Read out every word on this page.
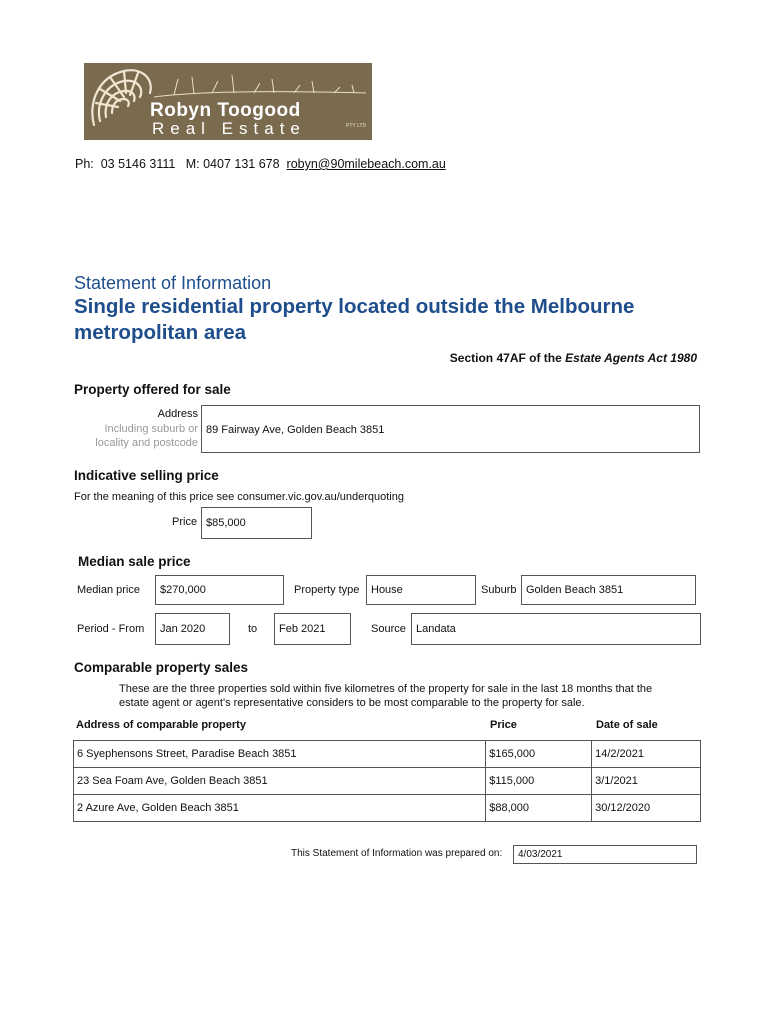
Robyn Toogood
Real Estate	PTY LTD
Ph:  03 5146 3111 M: 0407 131 678 robyn@90milebeach.com.au
Statement of Information
Single residential property located outside the Melbourne metropolitan area
Section 47AF of the Estate Agents Act 1980
Property offered for sale
Address
Including suburb or
locality and postcode
89 Fairway Ave, Golden Beach 3851
Indicative selling price
For the meaning of this price see consumer.vic.gov.au/underquoting
Price $85,000
Median sale price
Median price	$270,000	Property type	House	Suburb Golden Beach 3851
Period - From	Jan 2020	to	Feb 2021	Source Landata
Comparable property sales
These are the three properties sold within five kilometres of the property for sale in the last 18 months that the
estate agent or agent's representative considers to be most comparable to the property for sale.
Address of comparable property	Price	Date of sale
6 Syephensons Street, Paradise Beach 3851	$165,000	14/2/2021
23 Sea Foam Ave, Golden Beach 3851	$115,000	3/1/2021
2 Azure Ave, Golden Beach 3851	$88,000	30/12/2020
This Statement of Information was prepared on:	4/03/2021
